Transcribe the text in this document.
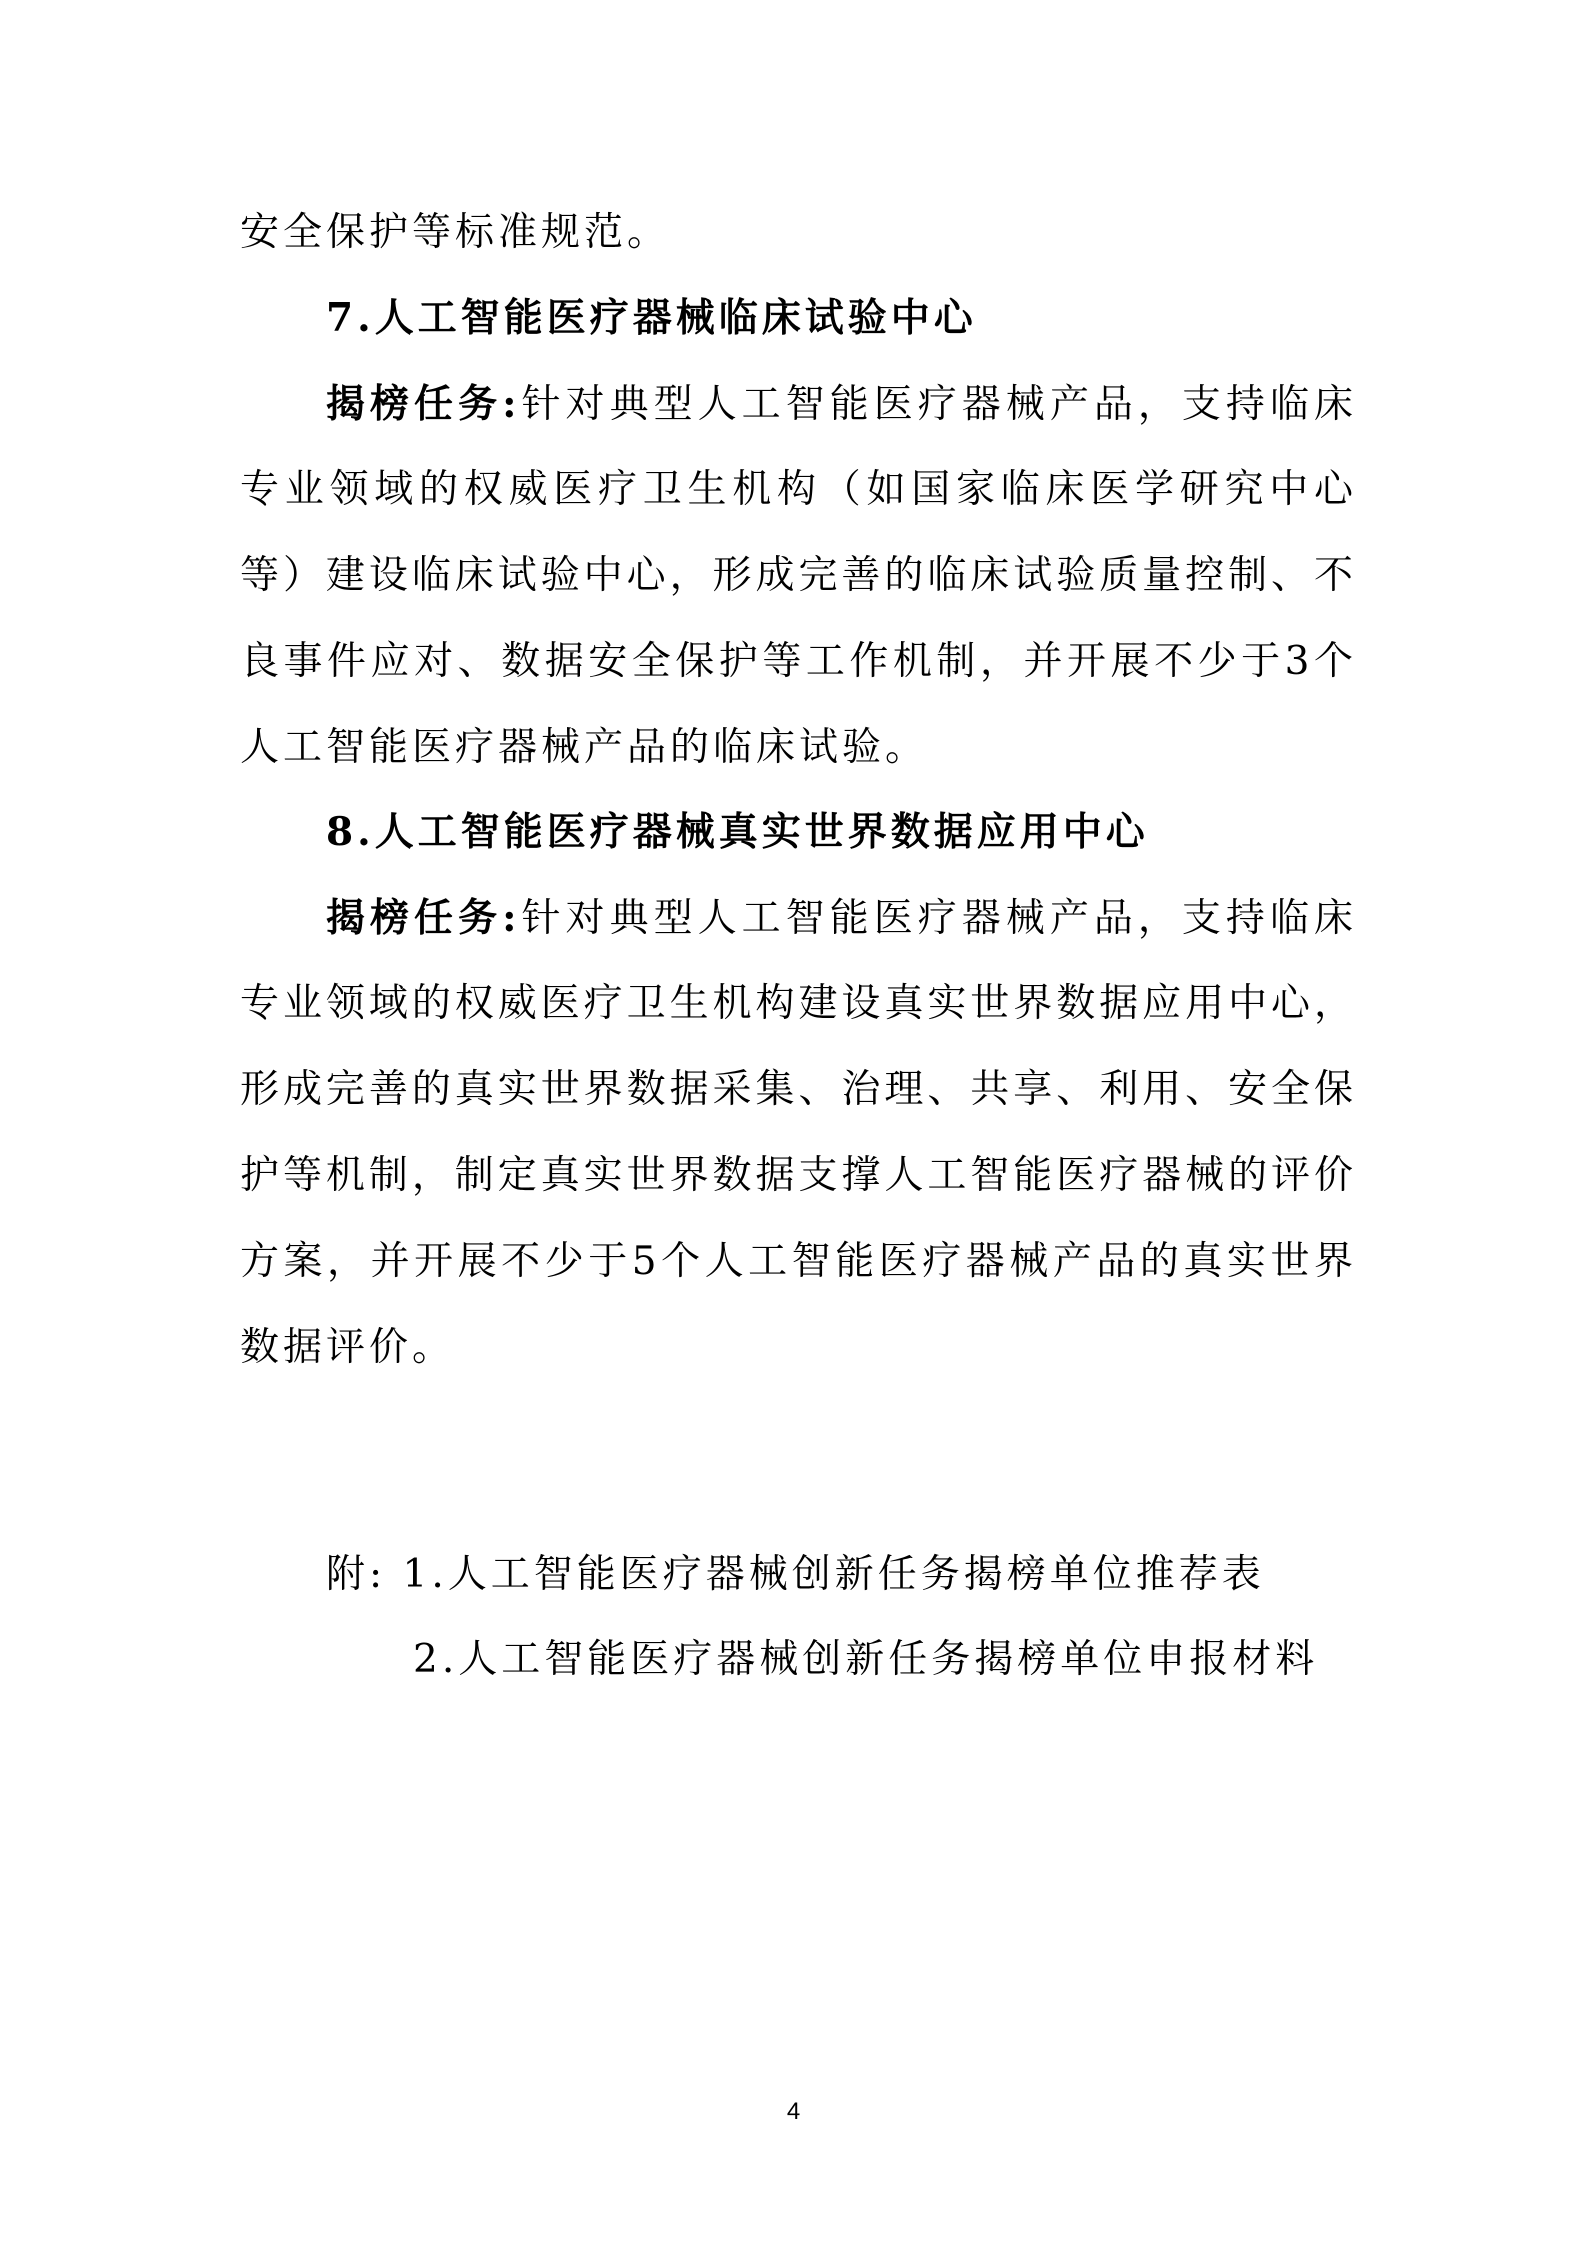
安全保护等标准规范。
7.人工智能医疗器械临床试验中心
揭榜任务:针对典型人工智能医疗器械产品，支持临床
专业领域的权威医疗卫生机构（如国家临床医学研究中心
等）建设临床试验中心，形成完善的临床试验质量控制、不
良事件应对、数据安全保护等工作机制，并开展不少于3个
人工智能医疗器械产品的临床试验。
8.人工智能医疗器械真实世界数据应用中心
揭榜任务:针对典型人工智能医疗器械产品，支持临床
专业领域的权威医疗卫生机构建设真实世界数据应用中心，
形成完善的真实世界数据采集、治理、共享、利用、安全保
护等机制，制定真实世界数据支撑人工智能医疗器械的评价
方案，并开展不少于5个人工智能医疗器械产品的真实世界
数据评价。
附: 1.人工智能医疗器械创新任务揭榜单位推荐表
2.人工智能医疗器械创新任务揭榜单位申报材料
4
